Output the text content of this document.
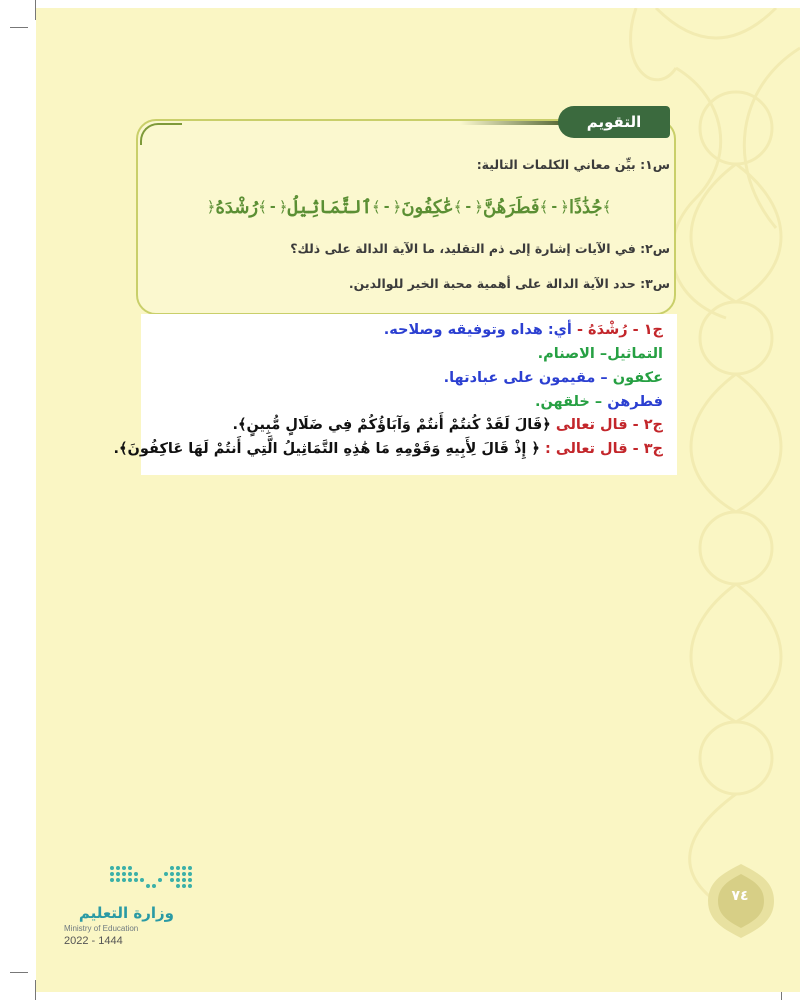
التقويم
س١: بيِّن معاني الكلمات التالية:
﴿ رُشْدَهُ ﴾ - ﴿ ٱلتَّمَاثِيلُ ﴾ - ﴿ عَٰكِفُونَ ﴾ - ﴿ فَطَرَهُنَّ ﴾ - ﴿ جُذَٰذًا ﴾
س٢: في الآيات إشارة إلى ذم التقليد، ما الآية الدالة على ذلك؟
س٣: حدد الآية الدالة على أهمية محبة الخير للوالدين.
ج١ - رُشْدَهُ - أي: هداه وتوفيقه وصلاحه.
التماثيل– الاصنام.
عكفون – مقيمون على عبادتها.
فطرهن – خلقهن.
ج٢ - قال تعالى ﴿قَالَ لَقَدْ كُنتُمْ أَنتُمْ وَآبَاؤُكُمْ فِي ضَلَالٍ مُّبِينٍ﴾.
ج٣ - قال تعالى : ﴿ إِذْ قَالَ لِأَبِيهِ وَقَوْمِهِ مَا هَٰذِهِ التَّمَاثِيلُ الَّتِي أَنتُمْ لَهَا عَاكِفُونَ﴾.
٧٤
وزارة التعليم
Ministry of Education
2022 - 1444
